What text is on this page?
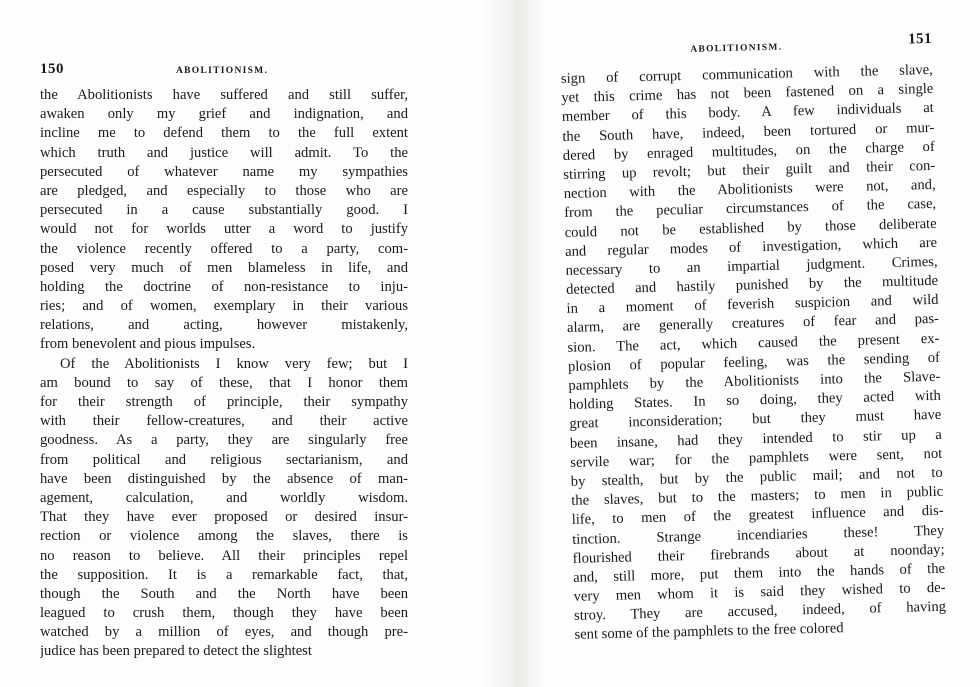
150	ABOLITIONISM.
the Abolitionists have suffered and still suffer,
awaken only my grief and indignation, and
incline me to defend them to the full extent
which truth and justice will admit. To the
persecuted of whatever name my sympathies
are pledged, and especially to those who are
persecuted in a cause substantially good. I
would not for worlds utter a word to justify
the violence recently offered to a party, com-
posed very much of men blameless in life, and
holding the doctrine of non-resistance to inju-
ries; and of women, exemplary in their various
relations, and acting, however mistakenly,
from benevolent and pious impulses.
Of the Abolitionists I know very few; but I
am bound to say of these, that I honor them
for their strength of principle, their sympathy
with their fellow-creatures, and their active
goodness. As a party, they are singularly free
from political and religious sectarianism, and
have been distinguished by the absence of man-
agement, calculation, and worldly wisdom.
That they have ever proposed or desired insur-
rection or violence among the slaves, there is
no reason to believe. All their principles repel
the supposition. It is a remarkable fact, that,
though the South and the North have been
leagued to crush them, though they have been
watched by a million of eyes, and though pre-
judice has been prepared to detect the slightest
ABOLITIONISM.
151
sign of corrupt communication with the slave,
yet this crime has not been fastened on a single
member of this body. A few individuals at
the South have, indeed, been tortured or mur-
dered by enraged multitudes, on the charge of
stirring up revolt; but their guilt and their con-
nection with the Abolitionists were not, and,
from the peculiar circumstances of the case,
could not be established by those deliberate
and regular modes of investigation, which are
necessary to an impartial judgment. Crimes,
detected and hastily punished by the multitude
in a moment of feverish suspicion and wild
alarm, are generally creatures of fear and pas-
sion. The act, which caused the present ex-
plosion of popular feeling, was the sending of
pamphlets by the Abolitionists into the Slave-
holding States. In so doing, they acted with
great inconsideration; but they must have
been insane, had they intended to stir up a
servile war; for the pamphlets were sent, not
by stealth, but by the public mail; and not to
the slaves, but to the masters; to men in public
life, to men of the greatest influence and dis-
tinction. Strange incendiaries these! They
flourished their firebrands about at noonday;
and, still more, put them into the hands of the
very men whom it is said they wished to de-
stroy. They are accused, indeed, of having
sent some of the pamphlets to the free colored
